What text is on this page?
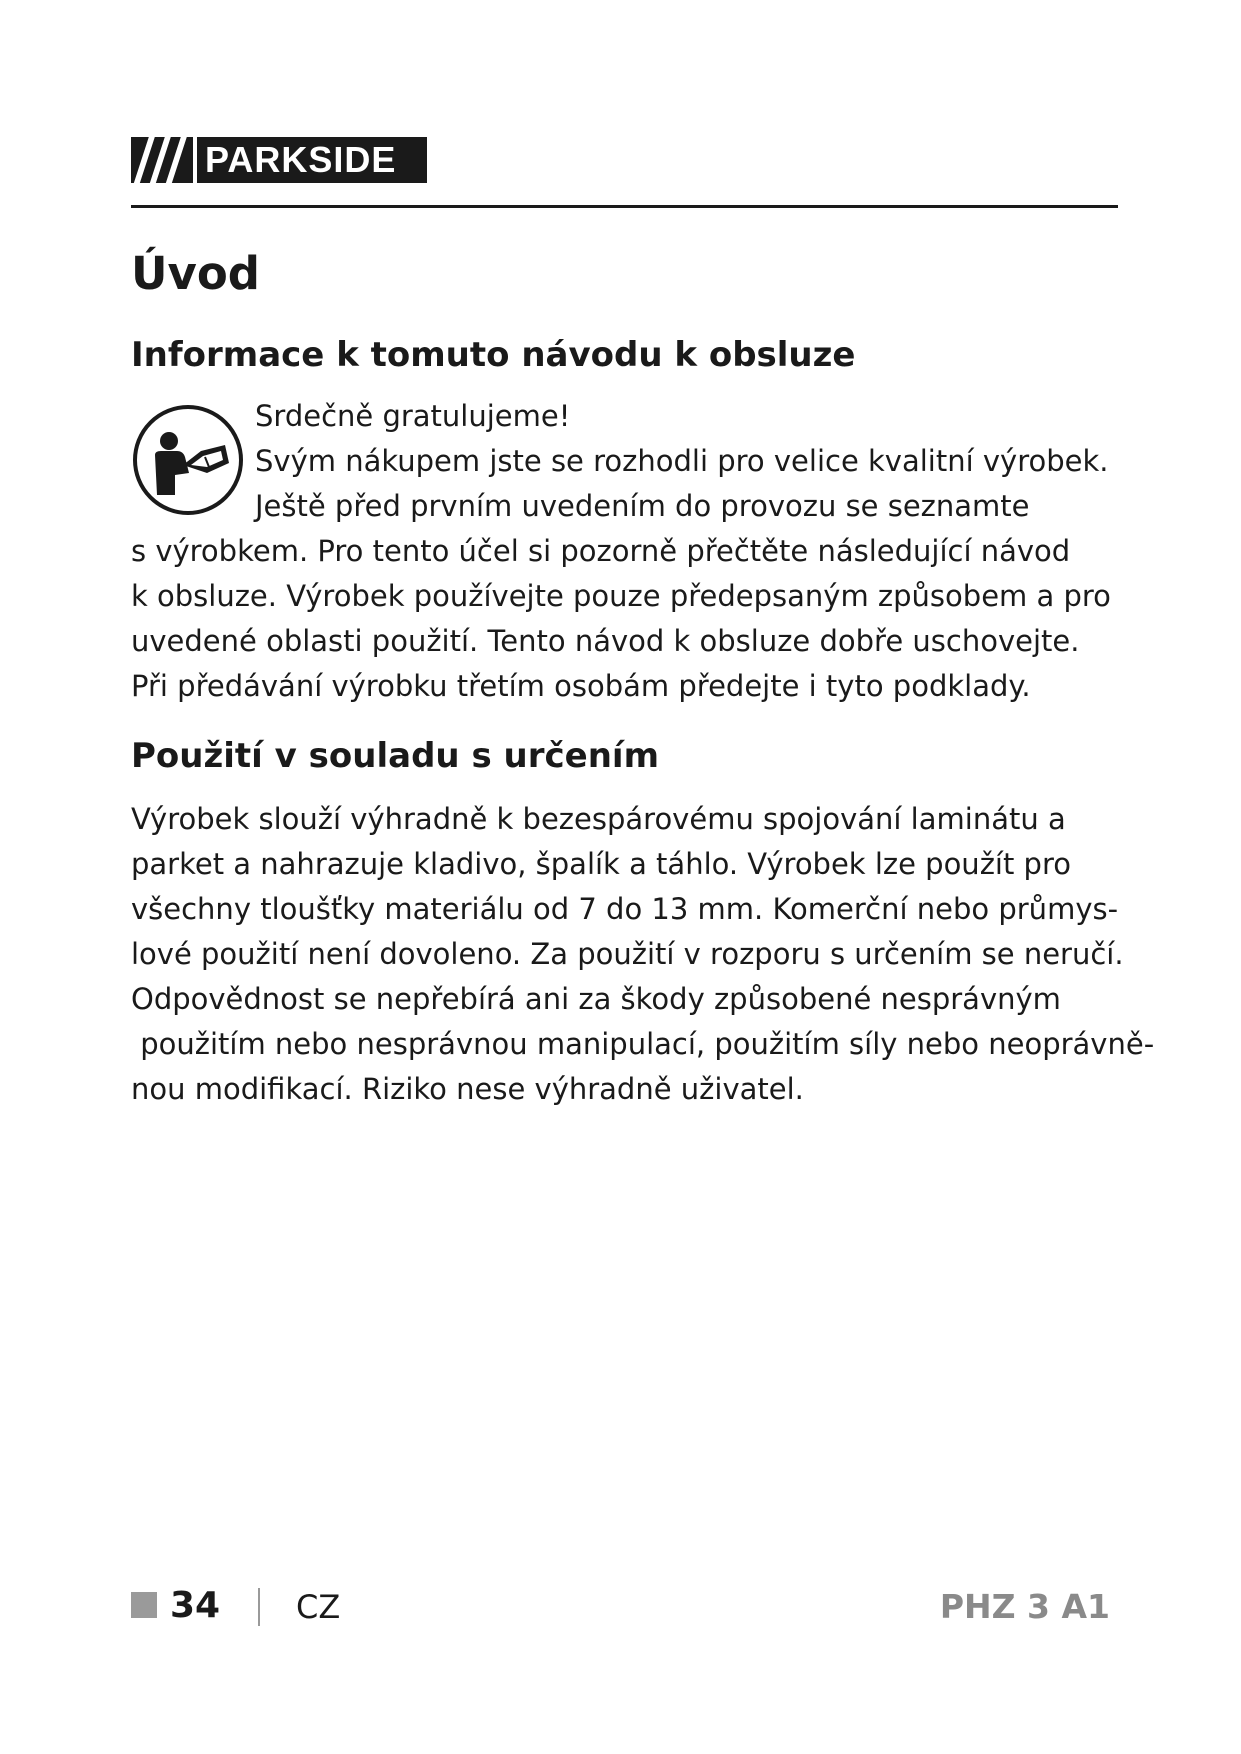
PARKSIDE
Úvod
Informace k tomuto návodu k obsluze
Srdečně gratulujeme!
Svým nákupem jste se rozhodli pro velice kvalitní výrobek.
Ještě před prvním uvedením do provozu se seznamte
s výrobkem. Pro tento účel si pozorně přečtěte následující návod
k obsluze. Výrobek používejte pouze předepsaným způsobem a pro
uvedené oblasti použití. Tento návod k obsluze dobře uschovejte.
Při předávání výrobku třetím osobám předejte i tyto podklady.
Použití v souladu s určením
Výrobek slouží výhradně k bezespárovému spojování laminátu a
parket a nahrazuje kladivo, špalík a táhlo. Výrobek lze použít pro
všechny tloušťky materiálu od 7 do 13 mm. Komerční nebo průmys-
lové použití není dovoleno. Za použití v rozporu s určením se neručí.
Odpovědnost se nepřebírá ani za škody způsobené nesprávným
použitím nebo nesprávnou manipulací, použitím síly nebo neoprávně-
nou modifikací. Riziko nese výhradně uživatel.
34 CZ	PHZ 3 A1
